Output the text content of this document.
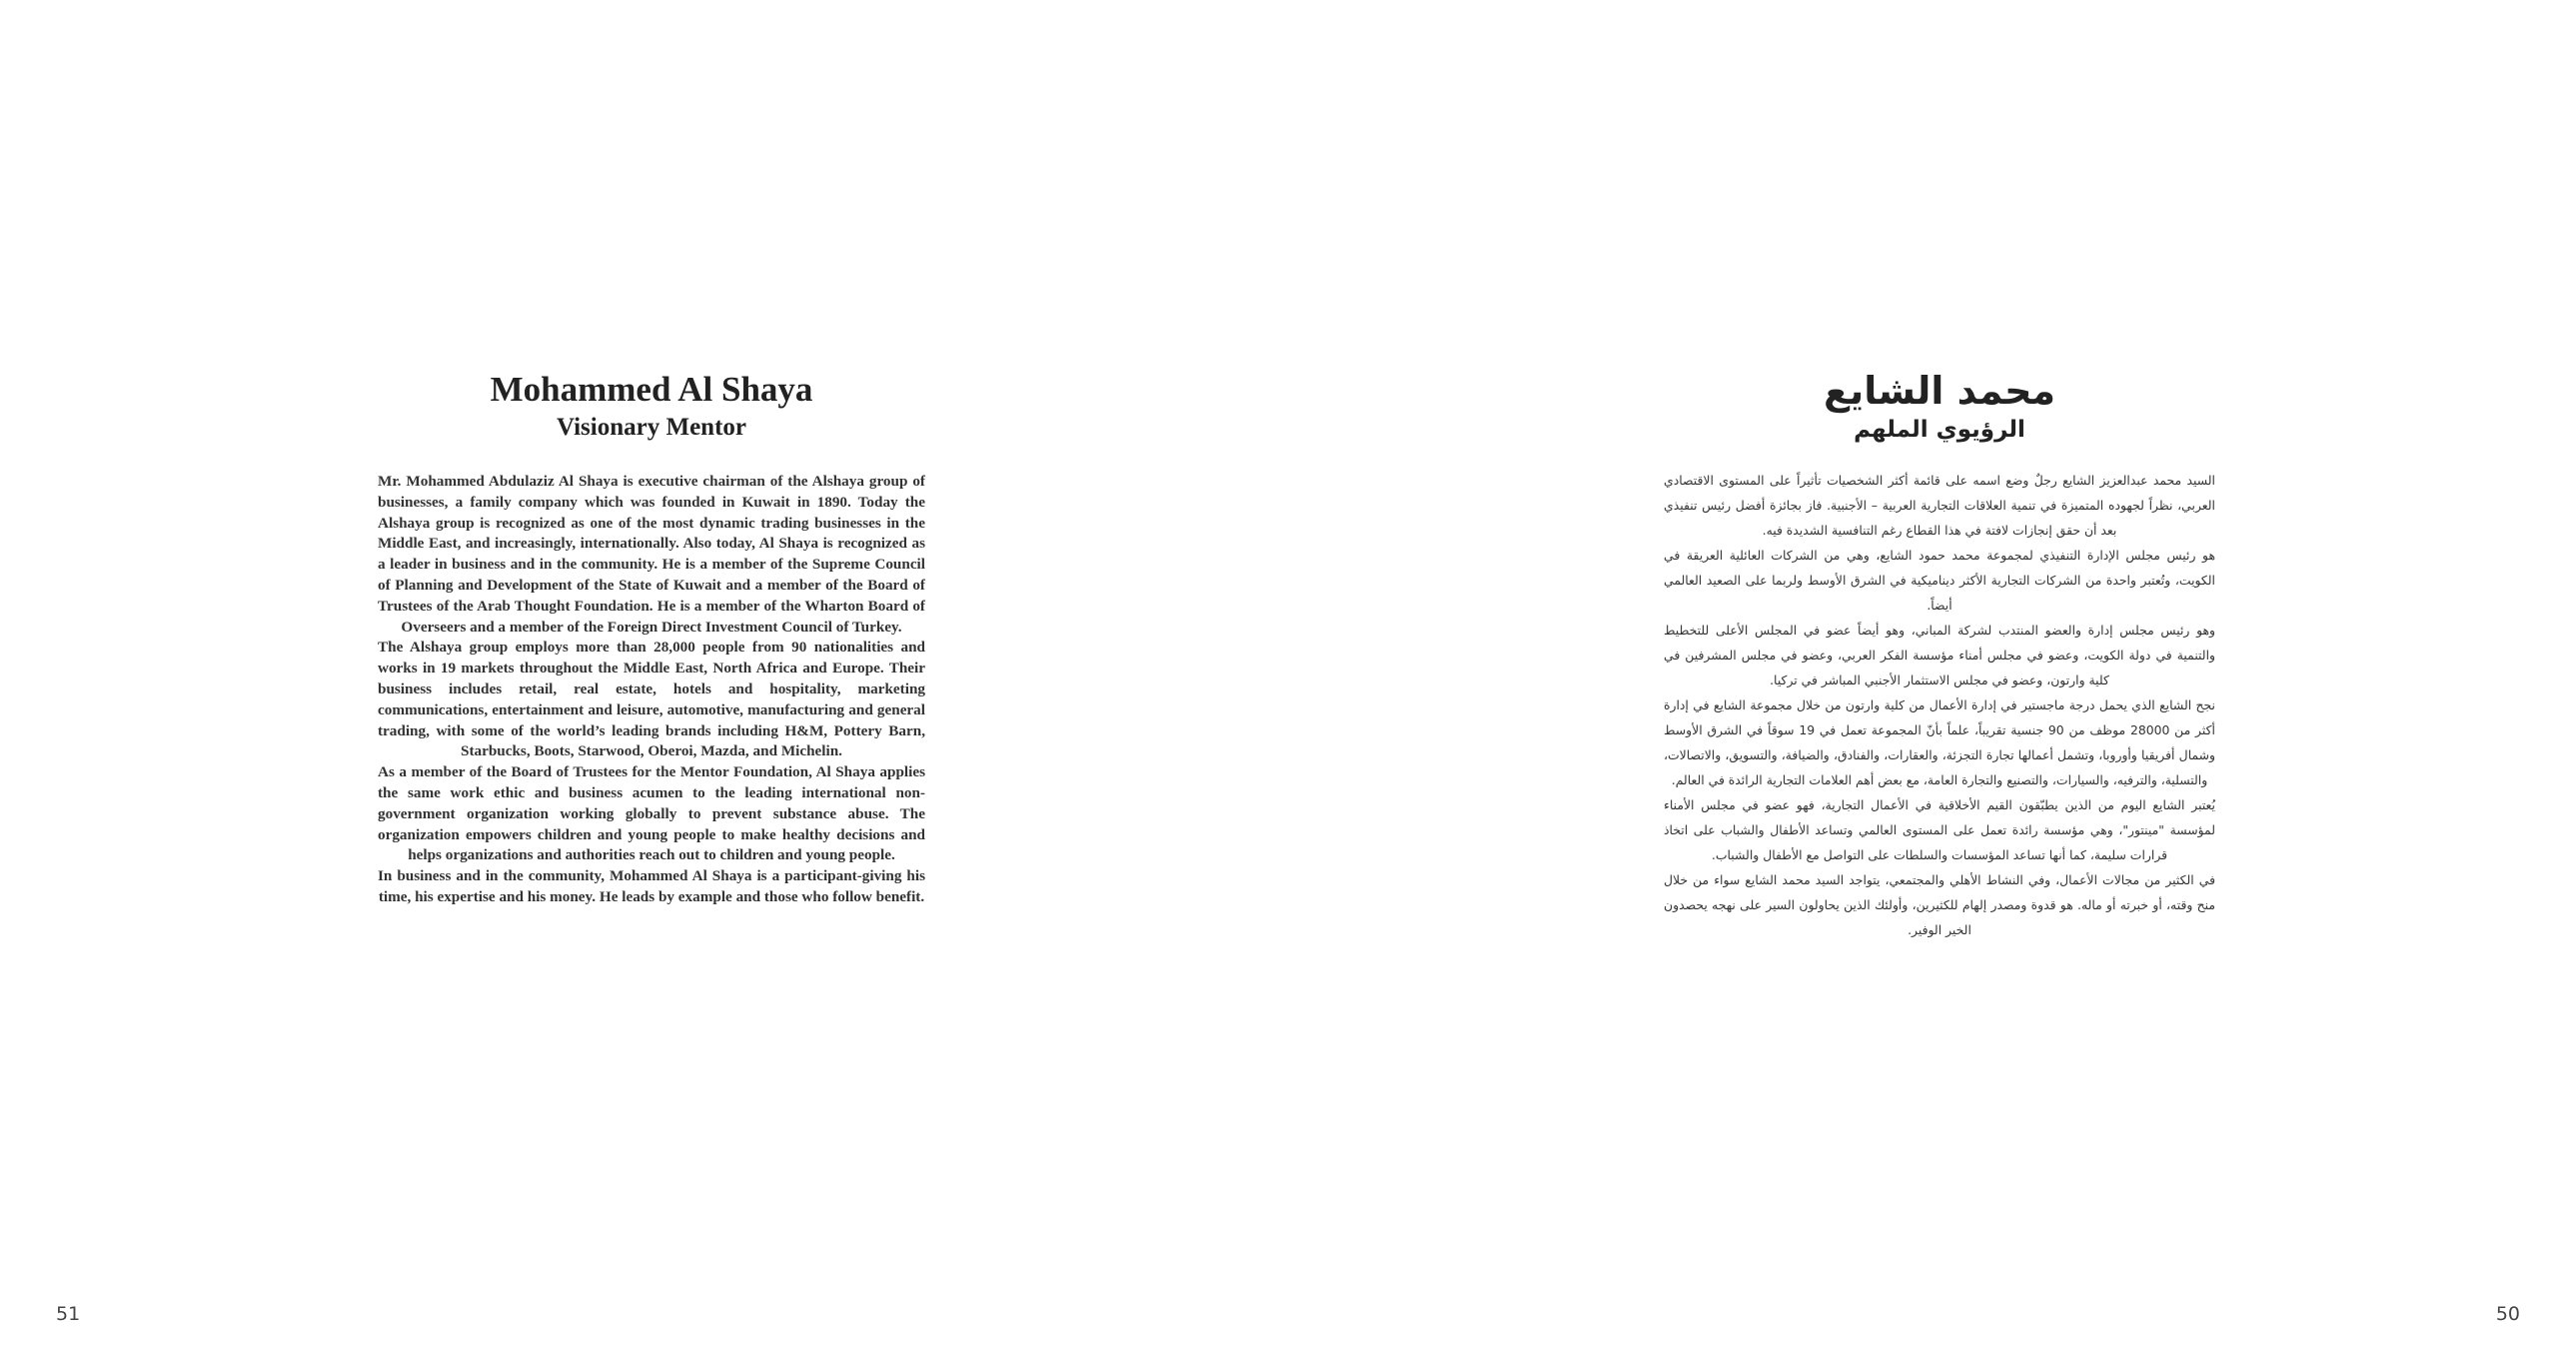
Mohammed Al Shaya
Visionary Mentor

Mr. Mohammed Abdulaziz Al Shaya is executive chairman of the Alshaya group of businesses, a family company which was founded in Kuwait in 1890. Today the Alshaya group is recognized as one of the most dynamic trading businesses in the Middle East, and increasingly, internationally. Also today, Al Shaya is recognized as a leader in business and in the community. He is a member of the Supreme Council of Planning and Development of the State of Kuwait and a member of the Board of Trustees of the Arab Thought Foundation. He is a member of the Wharton Board of Overseers and a member of the Foreign Direct Investment Council of Turkey.

The Alshaya group employs more than 28,000 people from 90 nationalities and works in 19 markets throughout the Middle East, North Africa and Europe. Their business includes retail, real estate, hotels and hospitality, marketing communications, entertainment and leisure, automotive, manufacturing and general trading, with some of the world’s leading brands including H&M, Pottery Barn, Starbucks, Boots, Starwood, Oberoi, Mazda, and Michelin.

As a member of the Board of Trustees for the Mentor Foundation, Al Shaya applies the same work ethic and business acumen to the leading international non-government organization working globally to prevent substance abuse. The organization empowers children and young people to make healthy decisions and helps organizations and authorities reach out to children and young people.

In business and in the community, Mohammed Al Shaya is a participant-giving his time, his expertise and his money. He leads by example and those who follow benefit.

51	50
محمد الشايع
الرؤيوي الملهم

السيد محمد عبدالعزيز الشايع رجلٌ وضع اسمه على قائمة أكثر الشخصيات تأثيراً على المستوى الاقتصادي العربي، نظراً لجهوده المتميزة في تنمية العلاقات التجارية العربية – الأجنبية. فاز بجائزة أفضل رئيس تنفيذي بعد أن حقق إنجازات لافتة في هذا القطاع رغم التنافسية الشديدة فيه.

هو رئيس مجلس الإدارة التنفيذي لمجموعة محمد حمود الشايع، وهي من الشركات العائلية العريقة في الكويت، وتُعتبر واحدة من الشركات التجارية الأكثر ديناميكية في الشرق الأوسط ولربما على الصعيد العالمي أيضاً.

وهو رئيس مجلس إدارة والعضو المنتدب لشركة المباني، وهو أيضاً عضو في المجلس الأعلى للتخطيط والتنمية في دولة الكويت، وعضو في مجلس أمناء مؤسسة الفكر العربي، وعضو في مجلس المشرفين في كلية وارتون، وعضو في مجلس الاستثمار الأجنبي المباشر في تركيا.

نجح الشايع الذي يحمل درجة ماجستير في إدارة الأعمال من كلية وارتون من خلال مجموعة الشايع في إدارة أكثر من 28000 موظف من 90 جنسية تقريباً، علماً بأنّ المجموعة تعمل في 19 سوقاً في الشرق الأوسط وشمال أفريقيا وأوروبا، وتشمل أعمالها تجارة التجزئة، والعقارات، والفنادق، والضيافة، والتسويق، والاتصالات، والتسلية، والترفيه، والسيارات، والتصنيع والتجارة العامة، مع بعض أهم العلامات التجارية الرائدة في العالم.

يُعتبر الشايع اليوم من الذين يطبّقون القيم الأخلاقية في الأعمال التجارية، فهو عضو في مجلس الأمناء لمؤسسة "مينتور"، وهي مؤسسة رائدة تعمل على المستوى العالمي وتساعد الأطفال والشباب على اتخاذ قرارات سليمة، كما أنها تساعد المؤسسات والسلطات على التواصل مع الأطفال والشباب.

في الكثير من مجالات الأعمال، وفي النشاط الأهلي والمجتمعي، يتواجد السيد محمد الشايع سواء من خلال منح وقته، أو خبرته أو ماله. هو قدوة ومصدر إلهام للكثيرين، وأولئك الذين يحاولون السير على نهجه يحصدون الخير الوفير.
